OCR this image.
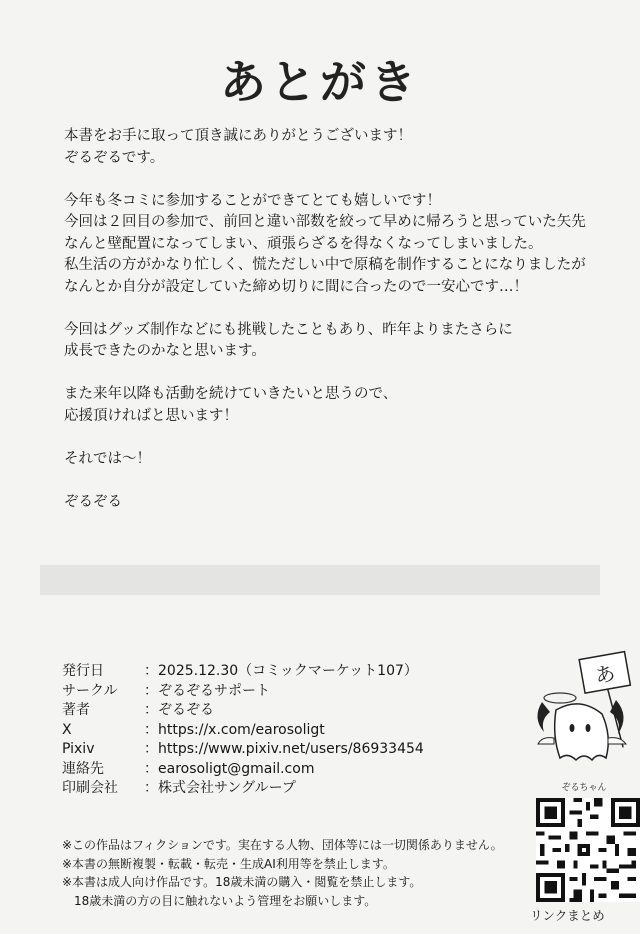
あとがき

本書をお手に取って頂き誠にありがとうございます！
ぞるぞるです。

今年も冬コミに参加することができてとても嬉しいです！
今回は２回目の参加で、前回と違い部数を絞って早めに帰ろうと思っていた矢先
なんと壁配置になってしまい、頑張らざるを得なくなってしまいました。
私生活の方がかなり忙しく、慌ただしい中で原稿を制作することになりましたが
なんとか自分が設定していた締め切りに間に合ったので一安心です…！

今回はグッズ制作などにも挑戦したこともあり、昨年よりまたさらに
成長できたのかなと思います。

また来年以降も活動を続けていきたいと思うので、
応援頂ければと思います！

それでは〜！

ぞるぞる

発行日	：2025.12.30（コミックマーケット107）
サークル	：ぞるぞるサポート
著者	：ぞるぞる
X	：https://x.com/earosoligt
Pixiv	：https://www.pixiv.net/users/86933454
連絡先	：earosoligt@gmail.com
印刷会社	：株式会社サングループ
※この作品はフィクションです。実在する人物、団体等には一切関係ありません。
※本書の無断複製・転載・転売・生成AI利用等を禁止します。
※本書は成人向け作品です。18歳未満の購入・閲覧を禁止します。
18歳未満の方の目に触れないよう管理をお願いします。
あ
ぞるちゃん
リンクまとめ
